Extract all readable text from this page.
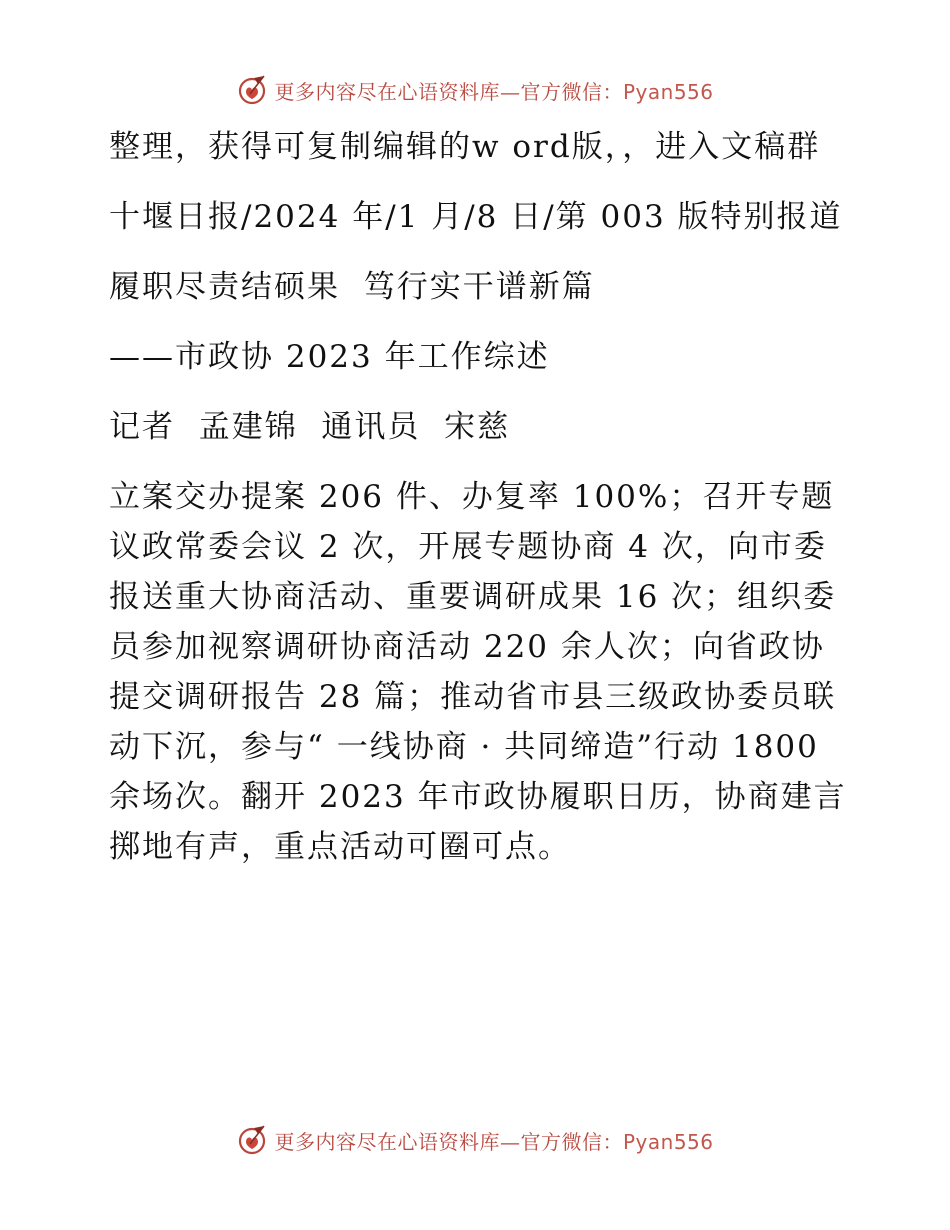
更多内容尽在心语资料库—官方微信：Pyan556

整理，获得可复制编辑的w ord版，，进入文稿群

十堰日报/2024 年/1 月/8 日/第 003 版特别报道

履职尽责结硕果  笃行实干谱新篇

——市政协 2023 年工作综述

记者  孟建锦  通讯员  宋慈

立案交办提案 206 件、办复率 100%；召开专题议政常委会议 2 次，开展专题协商 4 次，向市委报送重大协商活动、重要调研成果 16 次；组织委员参加视察调研协商活动 220 余人次；向省政协提交调研报告 28 篇；推动省市县三级政协委员联动下沉，参与“ 一线协商 · 共同缔造”行动 1800 余场次。翻开 2023 年市政协履职日历，协商建言掷地有声，重点活动可圈可点。

更多内容尽在心语资料库—官方微信：Pyan556
